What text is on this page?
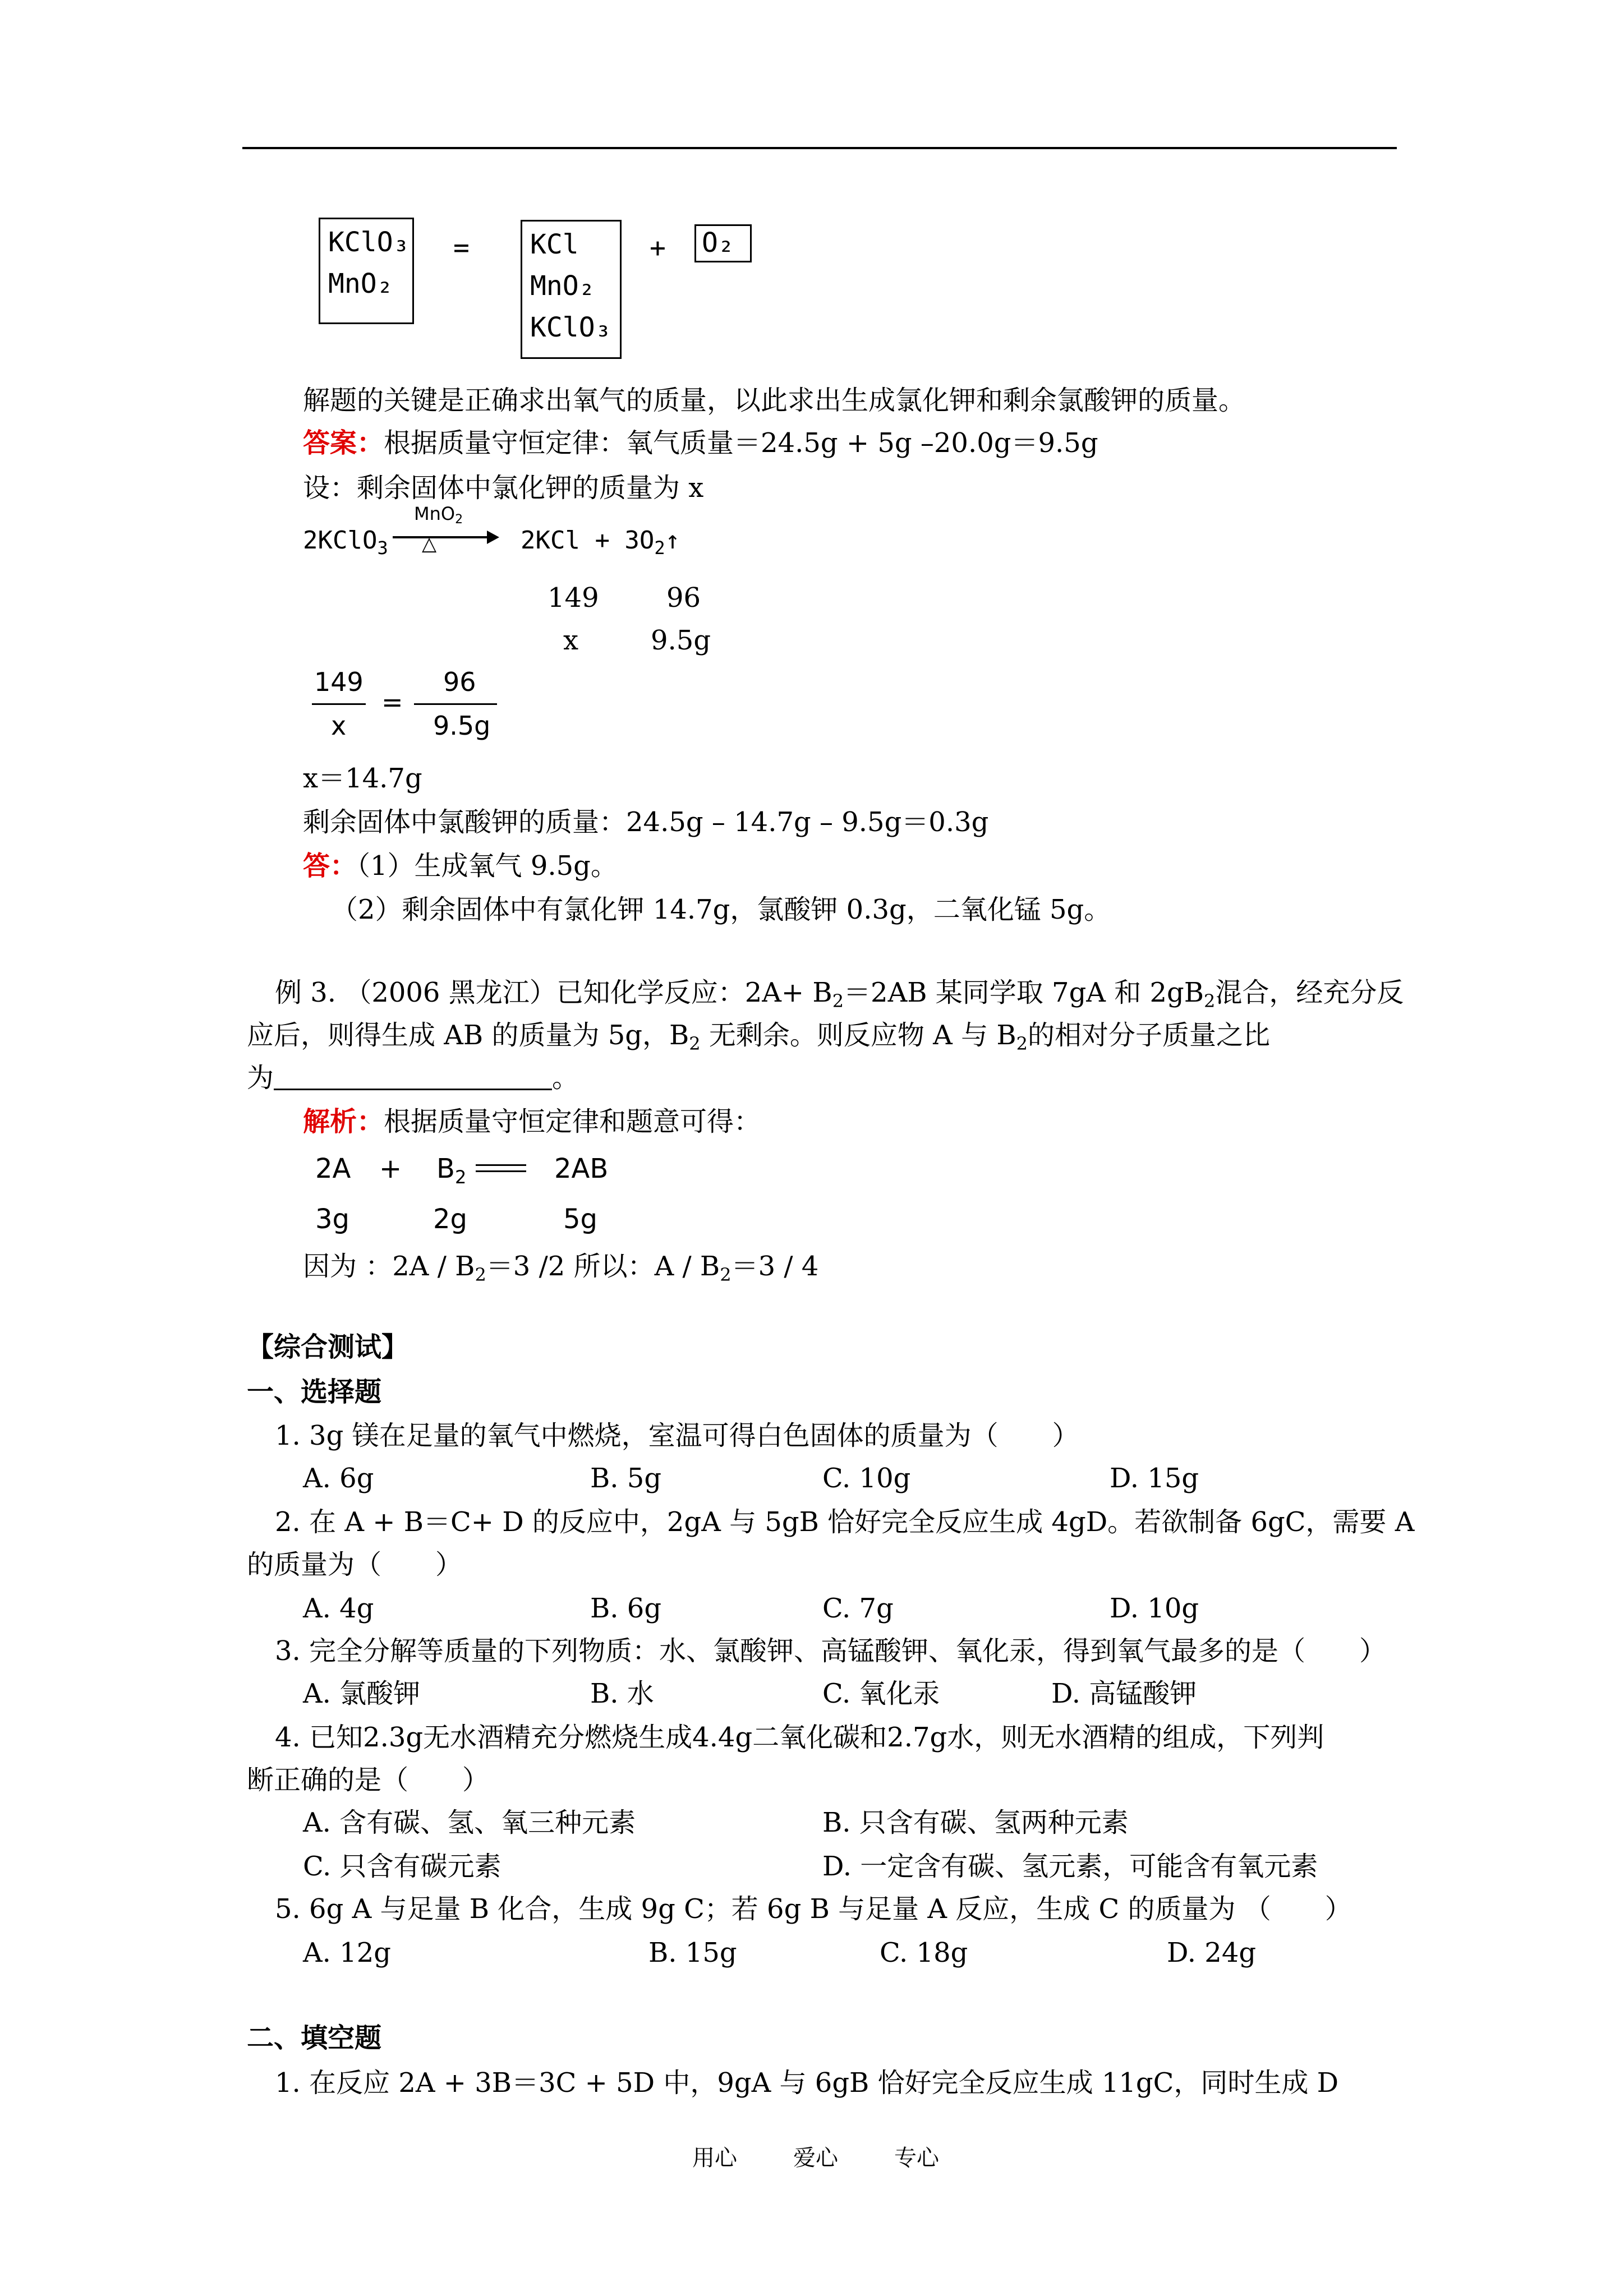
KClO₃
MnO₂
= KCl
MnO₂
KClO₃
+ O₂
解题的关键是正确求出氧气的质量，以此求出生成氯化钾和剩余氯酸钾的质量。
答案：根据质量守恒定律：氧气质量＝24.5g + 5g –20.0g＝9.5g
设：剩余固体中氯化钾的质量为 x
2KClO$_3$
MnO2
△	$2KCl + 3O_2↑$
149	96
x	9.5g
149
x
=
96
9.5g
x＝14.7g
剩余固体中氯酸钾的质量：24.5g – 14.7g – 9.5g＝0.3g
答：（1）生成氧气 9.5g。
（2）剩余固体中有氯化钾 14.7g，氯酸钾 0.3g，二氧化锰 5g。
例 3. （2006 黑龙江）已知化学反应：$2A+ B_2=2AB$ 某同学取 7gA 和 $2gB_2$混合，经充分反
应后，则得生成 AB 的质量为 5g，$B_2$ 无剩余。则反应物 A 与 $B_2$的相对分子质量之比
为	。
解析：根据质量守恒定律和题意可得：
$2A + B_2$	2AB
3g	2g	5g
因为 ：$2A / B_2=3$ /2 所以：$A / B_2=3 / 4$
【综合测试】
一、选择题
1. 3g 镁在足量的氧气中燃烧，室温可得白色固体的质量为（　　）
A. 6g	B. 5g	C. 10g	D. 15g
2. 在 A + B＝C+ D 的反应中，2gA 与 5gB 恰好完全反应生成 4gD。若欲制备 6gC，需要 A
的质量为（　　）
A. 4g	B. 6g	C. 7g	D. 10g
3. 完全分解等质量的下列物质：水、氯酸钾、高锰酸钾、氧化汞，得到氧气最多的是（　　）
A. 氯酸钾	B. 水	C. 氧化汞	D. 高锰酸钾
4. 已知2.3g无水酒精充分燃烧生成4.4g二氧化碳和2.7g水，则无水酒精的组成，下列判
断正确的是（　　）
A. 含有碳、氢、氧三种元素	B. 只含有碳、氢两种元素
C. 只含有碳元素	D. 一定含有碳、氢元素，可能含有氧元素
5. 6g A 与足量 B 化合，生成 9g C；若 6g B 与足量 A 反应，生成 C 的质量为 （　　）
A. 12g	B. 15g	C. 18g	D. 24g
二、填空题
1. 在反应 2A + 3B＝3C + 5D 中，9gA 与 6gB 恰好完全反应生成 11gC，同时生成 D
用心	爱心	专心
